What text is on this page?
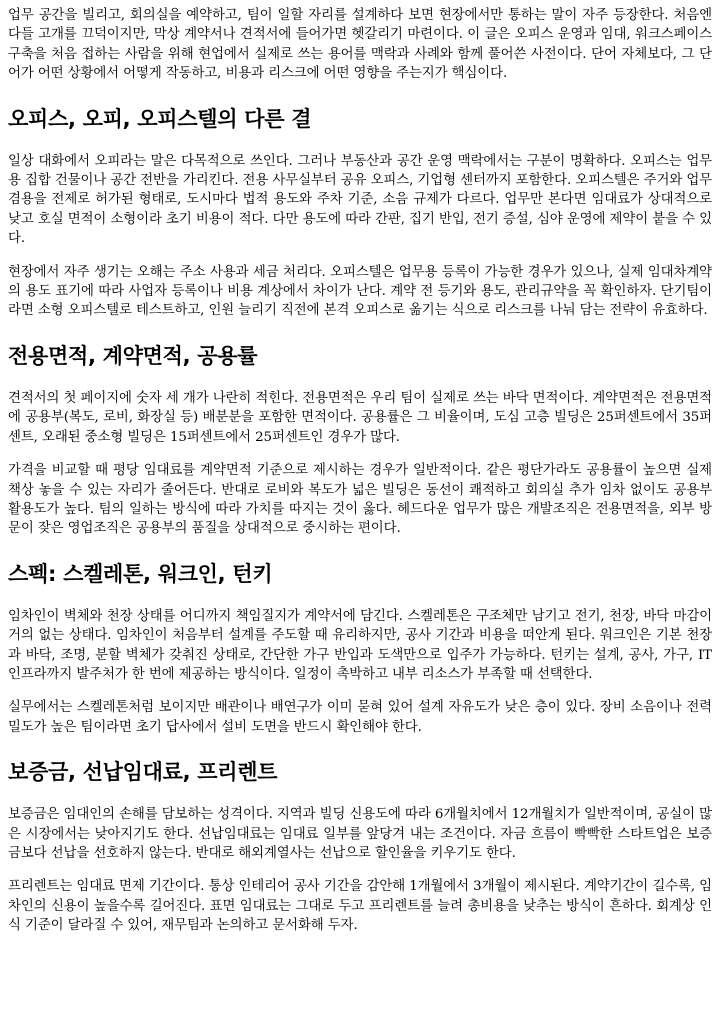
업무 공간을 빌리고, 회의실을 예약하고, 팀이 일할 자리를 설계하다 보면 현장에서만 통하는 말이 자주 등장한다. 처음엔 다들 고개를 끄덕이지만, 막상 계약서나 견적서에 들어가면 헷갈리기 마련이다. 이 글은 오피스 운영과 임대, 워크스페이스 구축을 처음 접하는 사람을 위해 현업에서 실제로 쓰는 용어를 맥락과 사례와 함께 풀어쓴 사전이다. 단어 자체보다, 그 단어가 어떤 상황에서 어떻게 작동하고, 비용과 리스크에 어떤 영향을 주는지가 핵심이다.

오피스, 오피, 오피스텔의 다른 결

일상 대화에서 오피라는 말은 다목적으로 쓰인다. 그러나 부동산과 공간 운영 맥락에서는 구분이 명확하다. 오피스는 업무용 집합 건물이나 공간 전반을 가리킨다. 전용 사무실부터 공유 오피스, 기업형 센터까지 포함한다. 오피스텔은 주거와 업무 겸용을 전제로 허가된 형태로, 도시마다 법적 용도와 주차 기준, 소음 규제가 다르다. 업무만 본다면 임대료가 상대적으로 낮고 호실 면적이 소형이라 초기 비용이 적다. 다만 용도에 따라 간판, 집기 반입, 전기 증설, 심야 운영에 제약이 붙을 수 있다.

현장에서 자주 생기는 오해는 주소 사용과 세금 처리다. 오피스텔은 업무용 등록이 가능한 경우가 있으나, 실제 임대차계약의 용도 표기에 따라 사업자 등록이나 비용 계상에서 차이가 난다. 계약 전 등기와 용도, 관리규약을 꼭 확인하자. 단기팀이라면 소형 오피스텔로 테스트하고, 인원 늘리기 직전에 본격 오피스로 옮기는 식으로 리스크를 나눠 담는 전략이 유효하다.

전용면적, 계약면적, 공용률

견적서의 첫 페이지에 숫자 세 개가 나란히 적힌다. 전용면적은 우리 팀이 실제로 쓰는 바닥 면적이다. 계약면적은 전용면적에 공용부(복도, 로비, 화장실 등) 배분분을 포함한 면적이다. 공용률은 그 비율이며, 도심 고층 빌딩은 25퍼센트에서 35퍼센트, 오래된 중소형 빌딩은 15퍼센트에서 25퍼센트인 경우가 많다.

가격을 비교할 때 평당 임대료를 계약면적 기준으로 제시하는 경우가 일반적이다. 같은 평단가라도 공용률이 높으면 실제 책상 놓을 수 있는 자리가 줄어든다. 반대로 로비와 복도가 넓은 빌딩은 동선이 쾌적하고 회의실 추가 임차 없이도 공용부 활용도가 높다. 팀의 일하는 방식에 따라 가치를 따지는 것이 옳다. 헤드다운 업무가 많은 개발조직은 전용면적을, 외부 방문이 잦은 영업조직은 공용부의 품질을 상대적으로 중시하는 편이다.

스펙: 스켈레톤, 워크인, 턴키

임차인이 벽체와 천장 상태를 어디까지 책임질지가 계약서에 담긴다. 스켈레톤은 구조체만 남기고 전기, 천장, 바닥 마감이 거의 없는 상태다. 임차인이 처음부터 설계를 주도할 때 유리하지만, 공사 기간과 비용을 떠안게 된다. 워크인은 기본 천장과 바닥, 조명, 분할 벽체가 갖춰진 상태로, 간단한 가구 반입과 도색만으로 입주가 가능하다. 턴키는 설계, 공사, 가구, IT 인프라까지 발주처가 한 번에 제공하는 방식이다. 일정이 촉박하고 내부 리소스가 부족할 때 선택한다.

실무에서는 스켈레톤처럼 보이지만 배관이나 배연구가 이미 묻혀 있어 설계 자유도가 낮은 층이 있다. 장비 소음이나 전력 밀도가 높은 팀이라면 초기 답사에서 설비 도면을 반드시 확인해야 한다.

보증금, 선납임대료, 프리렌트

보증금은 임대인의 손해를 담보하는 성격이다. 지역과 빌딩 신용도에 따라 6개월치에서 12개월치가 일반적이며, 공실이 많은 시장에서는 낮아지기도 한다. 선납임대료는 임대료 일부를 앞당겨 내는 조건이다. 자금 흐름이 빡빡한 스타트업은 보증금보다 선납을 선호하지 않는다. 반대로 해외계열사는 선납으로 할인율을 키우기도 한다.

프리렌트는 임대료 면제 기간이다. 통상 인테리어 공사 기간을 감안해 1개월에서 3개월이 제시된다. 계약기간이 길수록, 임차인의 신용이 높을수록 길어진다. 표면 임대료는 그대로 두고 프리렌트를 늘려 총비용을 낮추는 방식이 흔하다. 회계상 인식 기준이 달라질 수 있어, 재무팀과 논의하고 문서화해 두자.
